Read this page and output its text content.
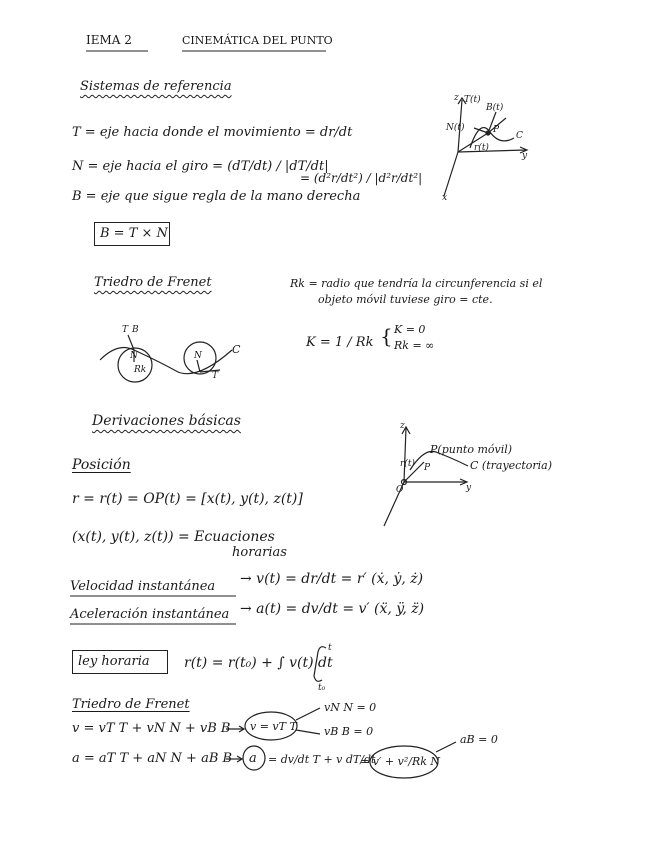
IEMA 2	CINEMÁTICA DEL PUNTO
Sistemas de referencia
T = eje hacia donde el movimiento = dr/dt
N = eje hacia el giro = (dT/dt) / |dT/dt|
= (d²r/dt²) / |d²r/dt²|
B = eje que sigue regla de la mano derecha
B = T × N
z T(t)
B(t)
N(t)	P
C
y
x
r(t)
Triedro de Frenet	Rk = radio que tendría la circunferencia si el
objeto móvil tuviese giro = cte.
K = 1 / Rk { K = 0
Rk = ∞
T B
N
Rk
N
T
C
Derivaciones básicas	z
P(punto móvil)
C (trayectoria)
r(t) P
O	y
Posición
r = r(t) = OP(t) = [x(t), y(t), z(t)]
(x(t), y(t), z(t)) = Ecuaciones
horarias
Velocidad instantánea → v(t) = dr/dt = r′ (ẋ, ẏ, ż)
Aceleración instantánea → a(t) = dv/dt = v′ (ẍ, ÿ, z̈)
ley horaria r(t) = r(t₀) + ∫ v(t) dt
t₀
t
Triedro de Frenet
v = vT T + vN N + vB B v = vT T
vN N = 0
vB B = 0
a = aT T + aN N + aB B a = dv/dt T + v dT/dt
= v′ + v²/Rk N
aB = 0
